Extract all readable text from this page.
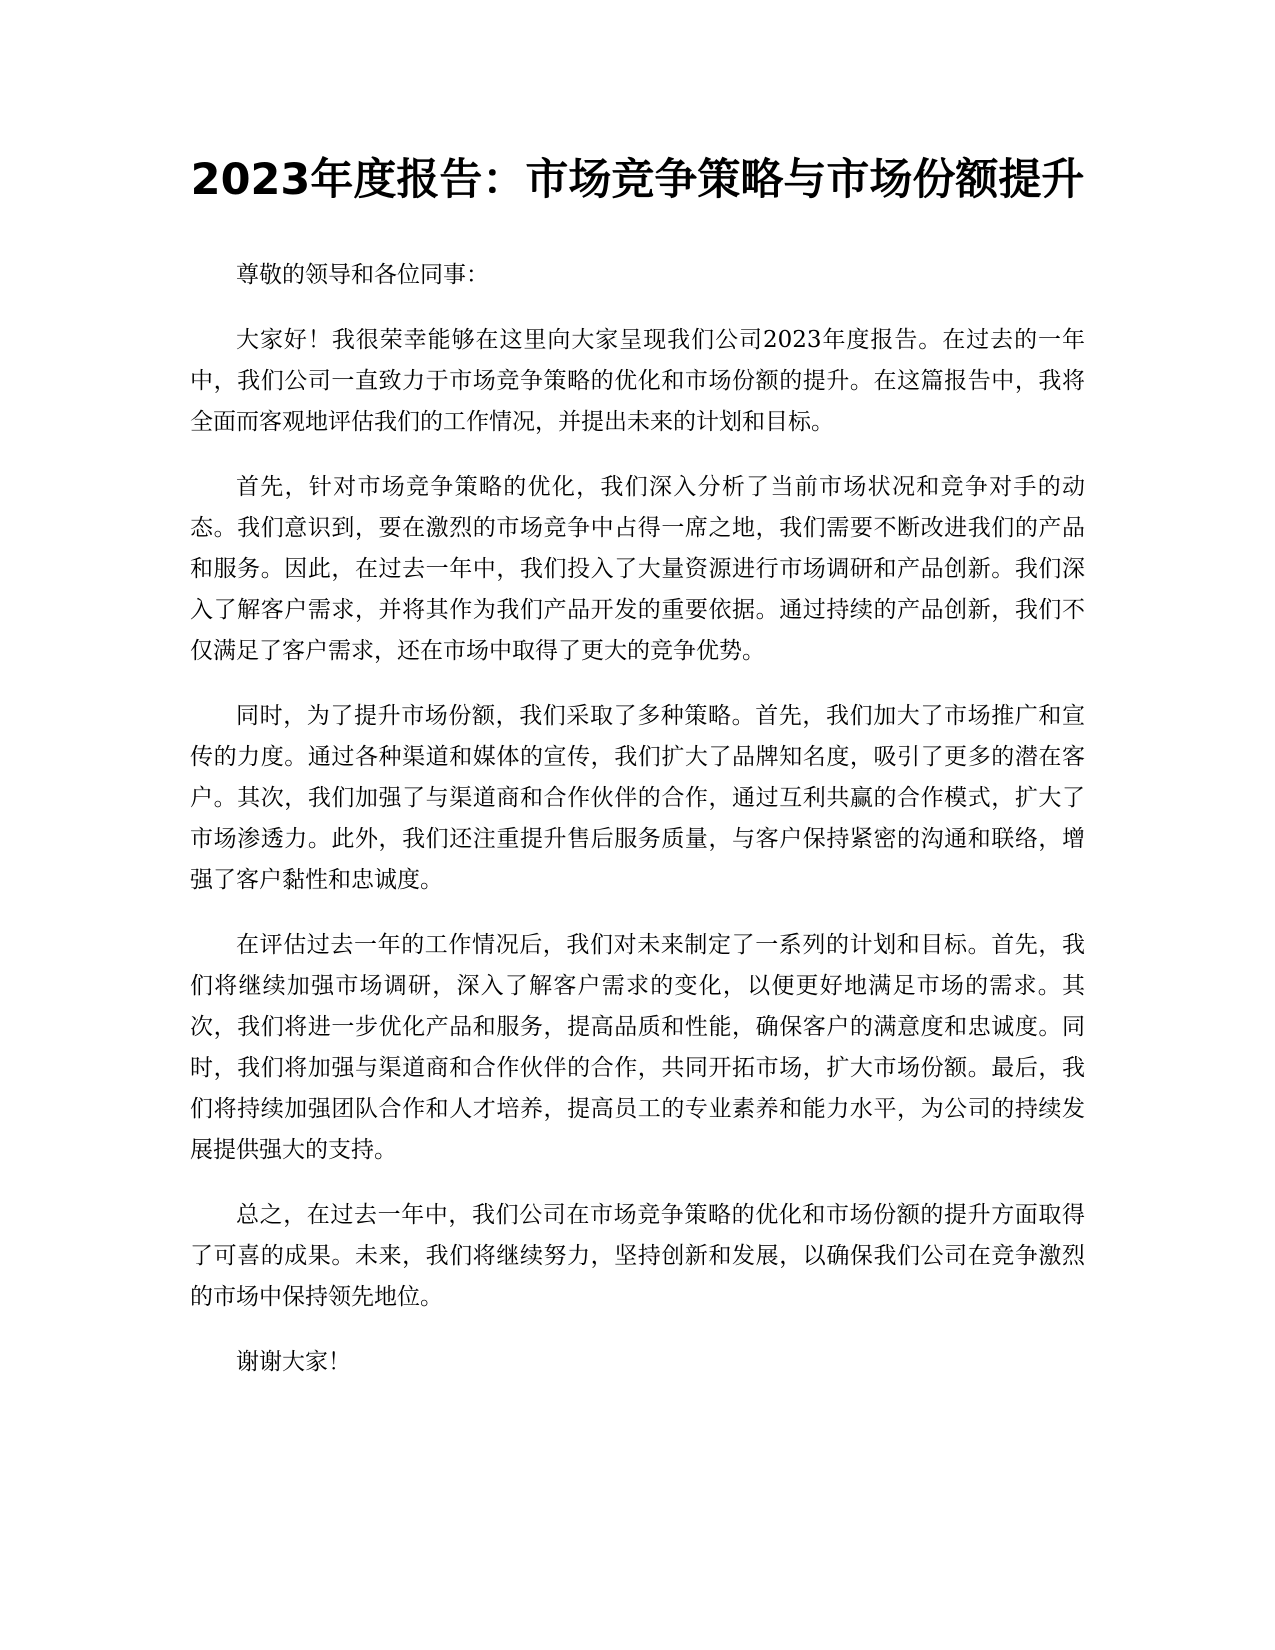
2023年度报告：市场竞争策略与市场份额提升

尊敬的领导和各位同事：

大家好！我很荣幸能够在这里向大家呈现我们公司2023年度报告。在过去的一年中，我们公司一直致力于市场竞争策略的优化和市场份额的提升。在这篇报告中，我将全面而客观地评估我们的工作情况，并提出未来的计划和目标。

首先，针对市场竞争策略的优化，我们深入分析了当前市场状况和竞争对手的动态。我们意识到，要在激烈的市场竞争中占得一席之地，我们需要不断改进我们的产品和服务。因此，在过去一年中，我们投入了大量资源进行市场调研和产品创新。我们深入了解客户需求，并将其作为我们产品开发的重要依据。通过持续的产品创新，我们不仅满足了客户需求，还在市场中取得了更大的竞争优势。

同时，为了提升市场份额，我们采取了多种策略。首先，我们加大了市场推广和宣传的力度。通过各种渠道和媒体的宣传，我们扩大了品牌知名度，吸引了更多的潜在客户。其次，我们加强了与渠道商和合作伙伴的合作，通过互利共赢的合作模式，扩大了市场渗透力。此外，我们还注重提升售后服务质量，与客户保持紧密的沟通和联络，增强了客户黏性和忠诚度。

在评估过去一年的工作情况后，我们对未来制定了一系列的计划和目标。首先，我们将继续加强市场调研，深入了解客户需求的变化，以便更好地满足市场的需求。其次，我们将进一步优化产品和服务，提高品质和性能，确保客户的满意度和忠诚度。同时，我们将加强与渠道商和合作伙伴的合作，共同开拓市场，扩大市场份额。最后，我们将持续加强团队合作和人才培养，提高员工的专业素养和能力水平，为公司的持续发展提供强大的支持。

总之，在过去一年中，我们公司在市场竞争策略的优化和市场份额的提升方面取得了可喜的成果。未来，我们将继续努力，坚持创新和发展，以确保我们公司在竞争激烈的市场中保持领先地位。

谢谢大家！
